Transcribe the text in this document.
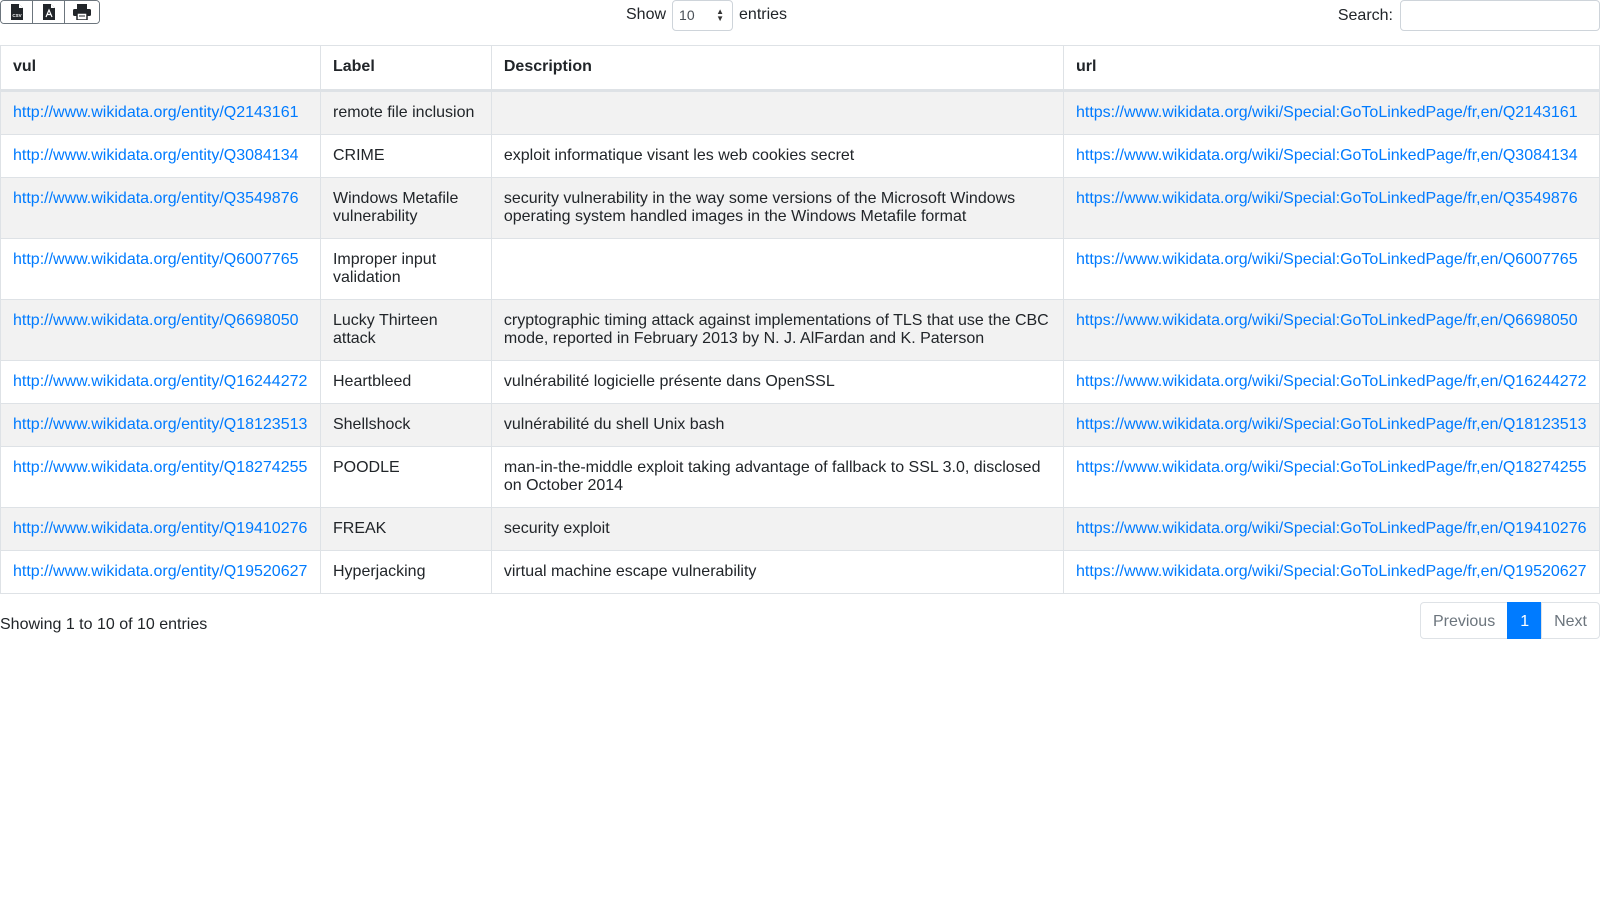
CSV	Show
10	▲
▼ entries	Search:
vul	Label	Description	url
http://www.wikidata.org/entity/Q2143161	remote file inclusion		https://www.wikidata.org/wiki/Special:GoToLinkedPage/fr,en/Q2143161
http://www.wikidata.org/entity/Q3084134	CRIME	exploit informatique visant les web cookies secret	https://www.wikidata.org/wiki/Special:GoToLinkedPage/fr,en/Q3084134
http://www.wikidata.org/entity/Q3549876	Windows Metafile vulnerability	security vulnerability in the way some versions of the Microsoft Windows operating system handled images in the Windows Metafile format	https://www.wikidata.org/wiki/Special:GoToLinkedPage/fr,en/Q3549876
http://www.wikidata.org/entity/Q6007765	Improper input validation		https://www.wikidata.org/wiki/Special:GoToLinkedPage/fr,en/Q6007765
http://www.wikidata.org/entity/Q6698050	Lucky Thirteen attack	cryptographic timing attack against implementations of TLS that use the CBC mode, reported in February 2013 by N. J. AlFardan and K. Paterson	https://www.wikidata.org/wiki/Special:GoToLinkedPage/fr,en/Q6698050
http://www.wikidata.org/entity/Q16244272	Heartbleed	vulnérabilité logicielle présente dans OpenSSL	https://www.wikidata.org/wiki/Special:GoToLinkedPage/fr,en/Q16244272
http://www.wikidata.org/entity/Q18123513	Shellshock	vulnérabilité du shell Unix bash	https://www.wikidata.org/wiki/Special:GoToLinkedPage/fr,en/Q18123513
http://www.wikidata.org/entity/Q18274255	POODLE	man-in-the-middle exploit taking advantage of fallback to SSL 3.0, disclosed on October 2014	https://www.wikidata.org/wiki/Special:GoToLinkedPage/fr,en/Q18274255
http://www.wikidata.org/entity/Q19410276	FREAK	security exploit	https://www.wikidata.org/wiki/Special:GoToLinkedPage/fr,en/Q19410276
http://www.wikidata.org/entity/Q19520627	Hyperjacking	virtual machine escape vulnerability	https://www.wikidata.org/wiki/Special:GoToLinkedPage/fr,en/Q19520627
Showing 1 to 10 of 10 entries	Previous	1	Next
